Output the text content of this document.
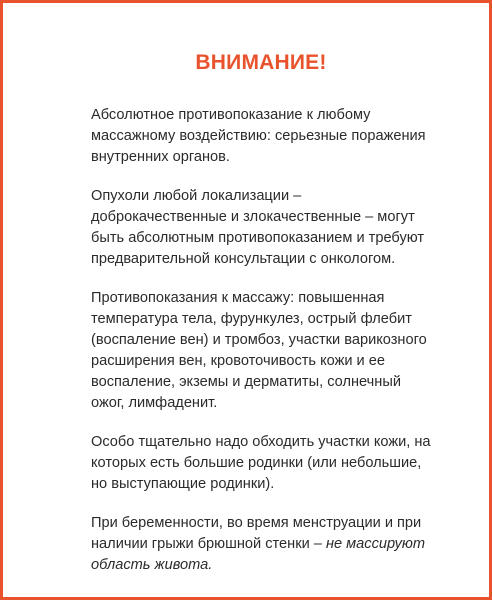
ВНИМАНИЕ!

Абсолютное противопоказание к любому массажному воздействию: серьезные поражения внутренних органов.

Опухоли любой локализации – доброкачественные и злокачественные – могут быть абсолютным противопоказанием и требуют предварительной консультации с онкологом.

Противопоказания к массажу: повышенная температура тела, фурункулез, острый флебит (воспаление вен) и тромбоз, участки варикозного расширения вен, кровоточивость кожи и ее воспаление, экземы и дерматиты, солнечный ожог, лимфаденит.

Особо тщательно надо обходить участки кожи, на которых есть большие родинки (или небольшие, но выступающие родинки).

При беременности, во время менструации и при наличии грыжи брюшной стенки – не массируют область живота.
